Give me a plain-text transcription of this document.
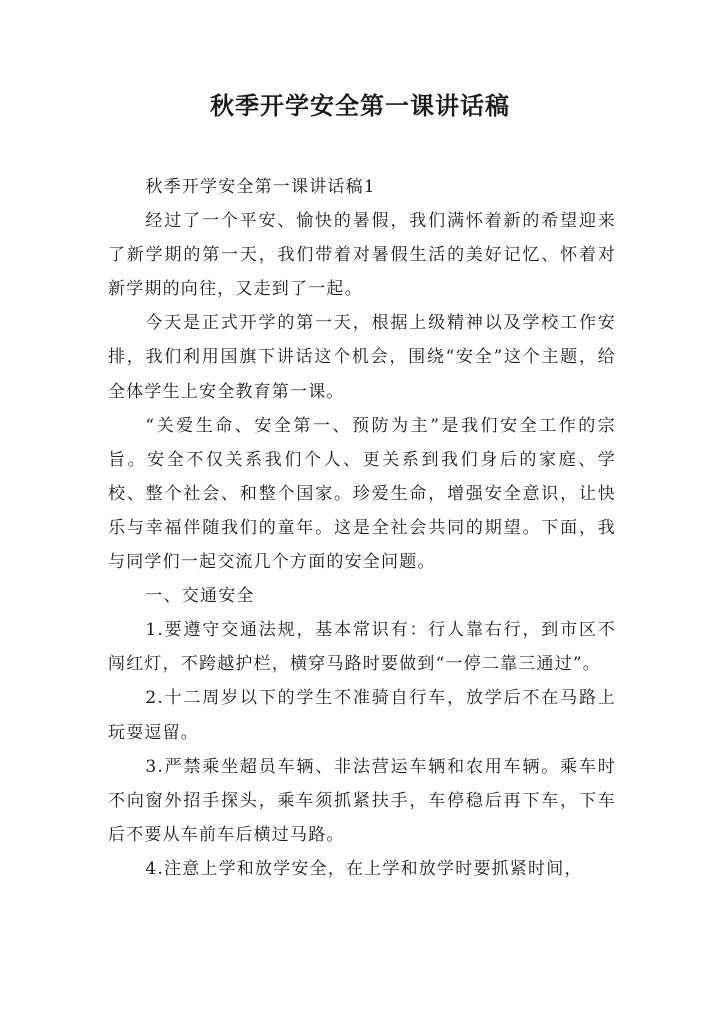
秋季开学安全第一课讲话稿

秋季开学安全第一课讲话稿1

经过了一个平安、愉快的暑假，我们满怀着新的希望迎来了新学期的第一天，我们带着对暑假生活的美好记忆、怀着对新学期的向往，又走到了一起。

今天是正式开学的第一天，根据上级精神以及学校工作安排，我们利用国旗下讲话这个机会，围绕“安全”这个主题，给全体学生上安全教育第一课。

“关爱生命、安全第一、预防为主”是我们安全工作的宗旨。安全不仅关系我们个人、更关系到我们身后的家庭、学校、整个社会、和整个国家。珍爱生命，增强安全意识，让快乐与幸福伴随我们的童年。这是全社会共同的期望。下面，我与同学们一起交流几个方面的安全问题。

一、交通安全

1.要遵守交通法规，基本常识有：行人靠右行，到市区不闯红灯，不跨越护栏，横穿马路时要做到“一停二靠三通过”。

2.十二周岁以下的学生不准骑自行车，放学后不在马路上玩耍逗留。

3.严禁乘坐超员车辆、非法营运车辆和农用车辆。乘车时不向窗外招手探头，乘车须抓紧扶手，车停稳后再下车，下车后不要从车前车后横过马路。

4.注意上学和放学安全，在上学和放学时要抓紧时间，
